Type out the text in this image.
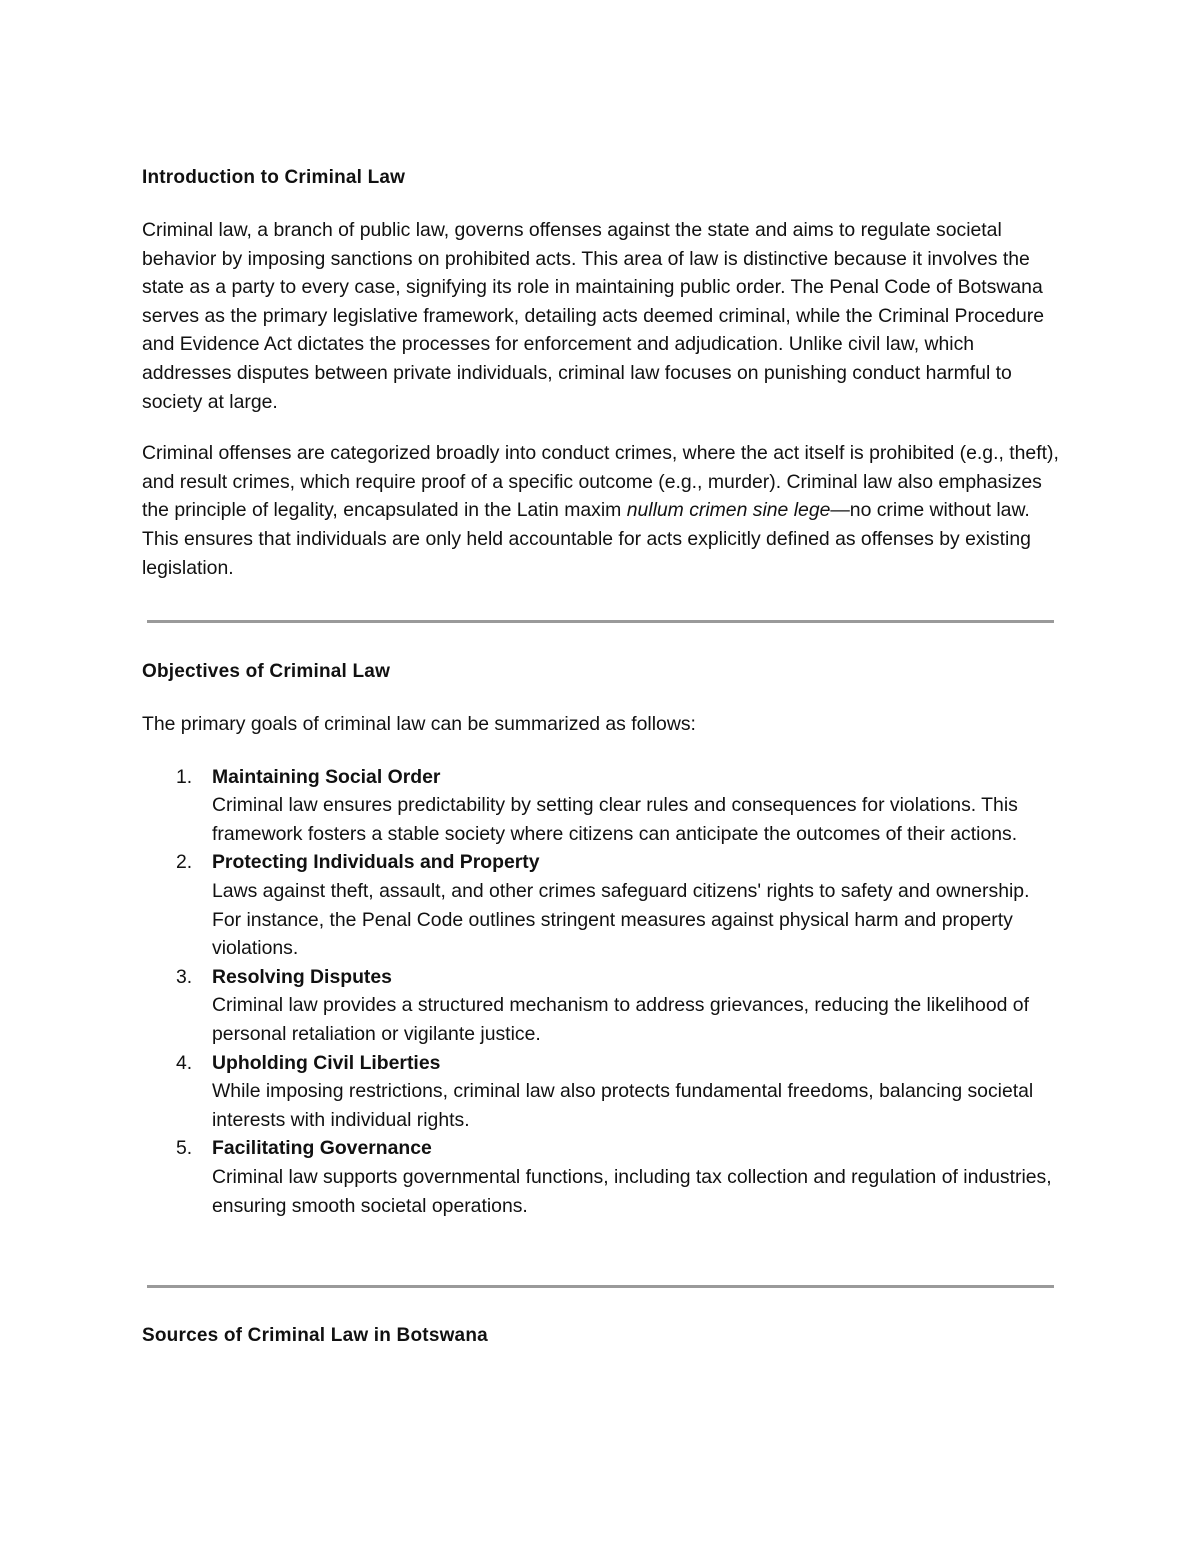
Introduction to Criminal Law

Criminal law, a branch of public law, governs offenses against the state and aims to regulate societal behavior by imposing sanctions on prohibited acts. This area of law is distinctive because it involves the state as a party to every case, signifying its role in maintaining public order. The Penal Code of Botswana serves as the primary legislative framework, detailing acts deemed criminal, while the Criminal Procedure and Evidence Act dictates the processes for enforcement and adjudication. Unlike civil law, which addresses disputes between private individuals, criminal law focuses on punishing conduct harmful to society at large.

Criminal offenses are categorized broadly into conduct crimes, where the act itself is prohibited (e.g., theft), and result crimes, which require proof of a specific outcome (e.g., murder). Criminal law also emphasizes the principle of legality, encapsulated in the Latin maxim nullum crimen sine lege—no crime without law. This ensures that individuals are only held accountable for acts explicitly defined as offenses by existing legislation.

Objectives of Criminal Law

The primary goals of criminal law can be summarized as follows:

1. Maintaining Social Order
Criminal law ensures predictability by setting clear rules and consequences for violations. This framework fosters a stable society where citizens can anticipate the outcomes of their actions.
2. Protecting Individuals and Property
Laws against theft, assault, and other crimes safeguard citizens' rights to safety and ownership. For instance, the Penal Code outlines stringent measures against physical harm and property violations.
3. Resolving Disputes
Criminal law provides a structured mechanism to address grievances, reducing the likelihood of personal retaliation or vigilante justice.
4. Upholding Civil Liberties
While imposing restrictions, criminal law also protects fundamental freedoms, balancing societal interests with individual rights.
5. Facilitating Governance
Criminal law supports governmental functions, including tax collection and regulation of industries, ensuring smooth societal operations.
Sources of Criminal Law in Botswana
